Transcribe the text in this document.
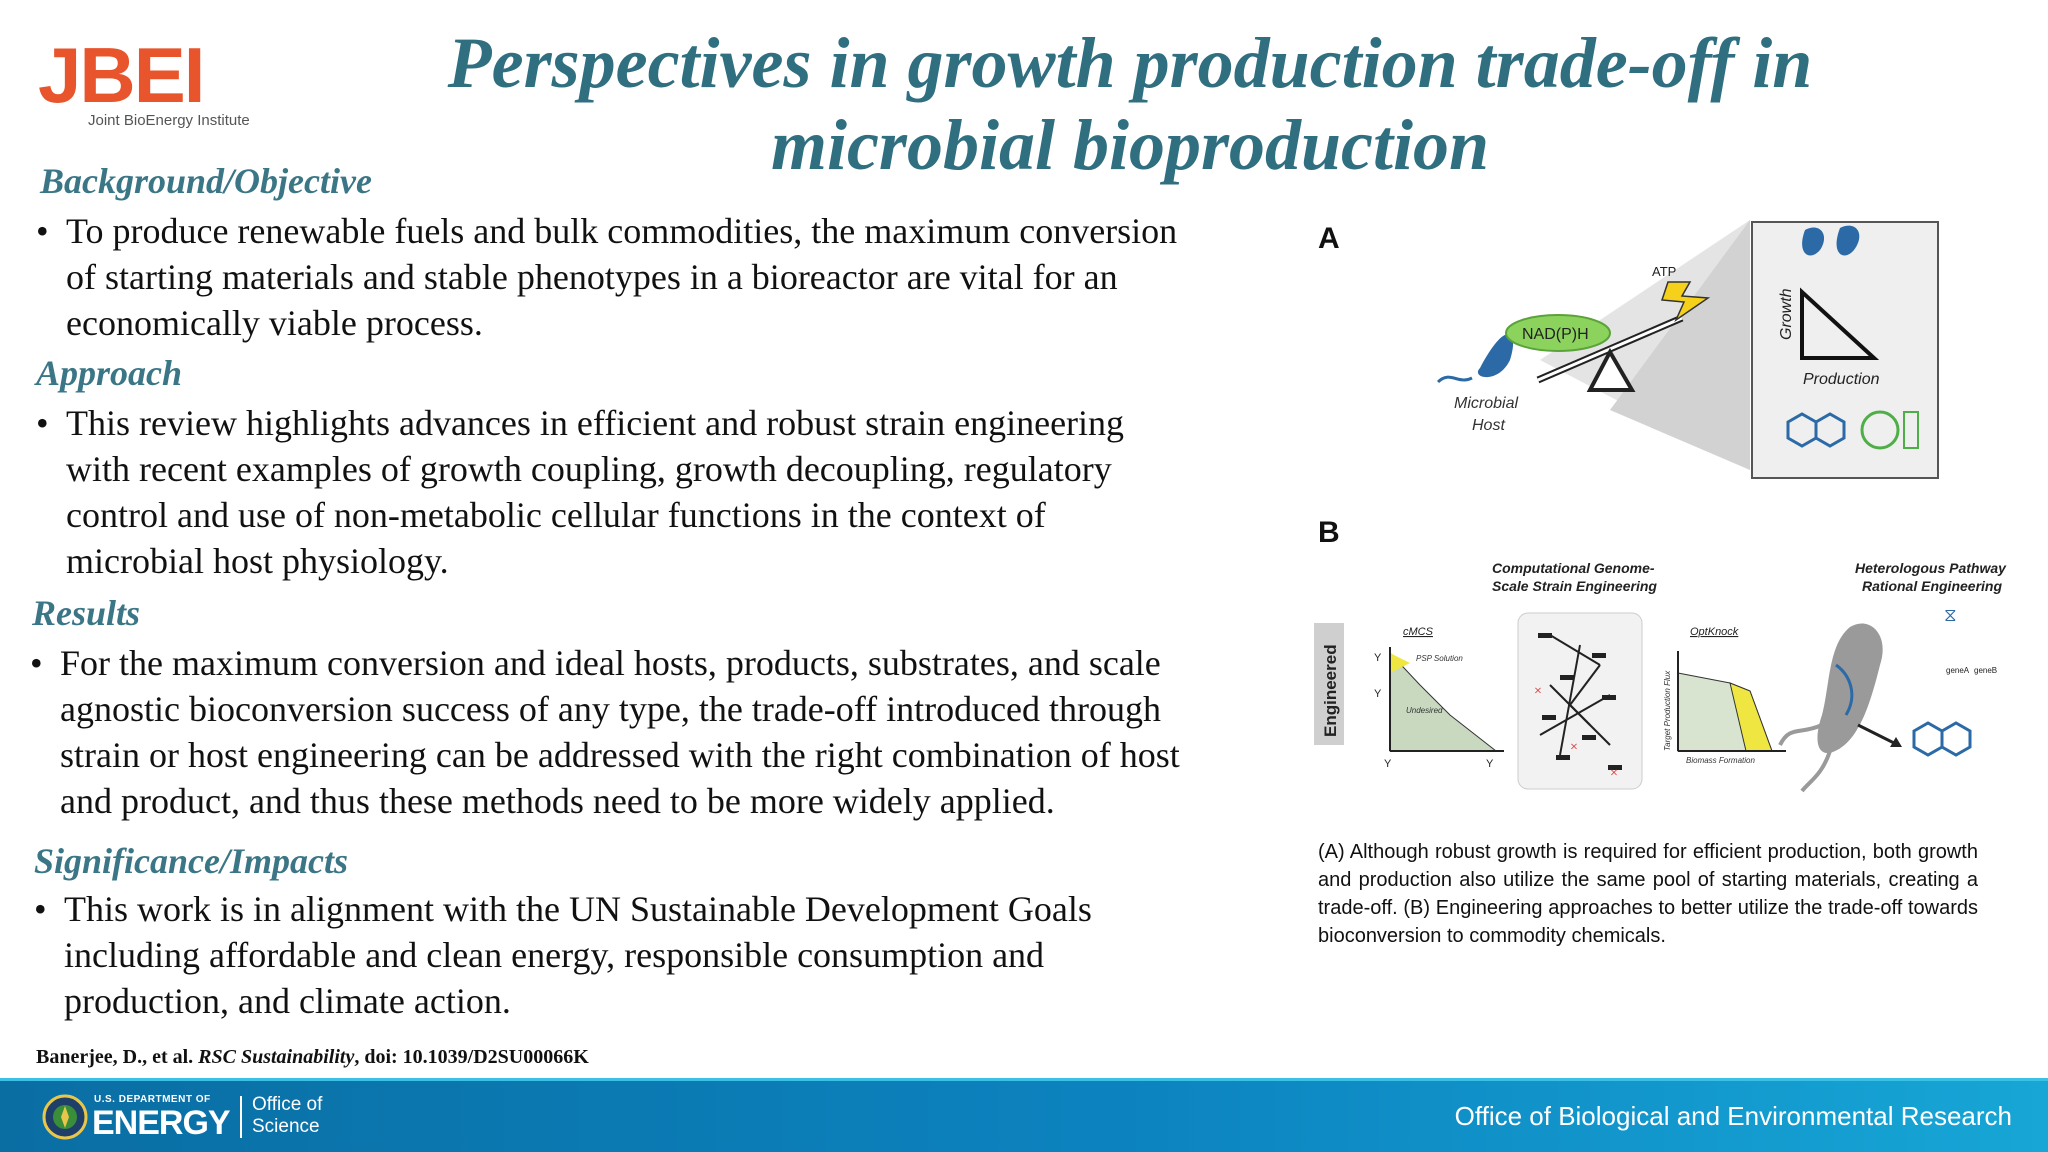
JBEI
Joint BioEnergy Institute
Perspectives in growth production trade-off in
microbial bioproduction
Background/Objective
• To produce renewable fuels and bulk commodities, the maximum conversion
of starting materials and stable phenotypes in a bioreactor are vital for an
economically viable process.
Approach
• This review highlights advances in efficient and robust strain engineering
with recent examples of growth coupling, growth decoupling, regulatory
control and use of non-metabolic cellular functions in the context of
microbial host physiology.
Results
• For the maximum conversion and ideal hosts, products, substrates, and scale
agnostic bioconversion success of any type, the trade-off introduced through
strain or host engineering can be addressed with the right combination of host
and product, and thus these methods need to be more widely applied.
Significance/Impacts
• This work is in alignment with the UN Sustainable Development Goals
including affordable and clean energy, responsible consumption and
production, and climate action.
Banerjee, D., et al. RSC Sustainability, doi: 10.1039/D2SU00066K
A
Microbial
Host
NAD(P)H
ATP
Growth
Production
B
Computational Genome-
Scale Strain Engineering
Heterologous Pathway
Rational Engineering
Engineered
cMCS
PSP Solution
Undesired
Y
Y
Y	Y
×
×
×
OptKnock
Target Production Flux
Biomass Formation
⧖
geneA geneB
(A) Although robust growth is required for efficient production, both growth and production also utilize the same pool of starting materials, creating a trade-off. (B) Engineering approaches to better utilize the trade-off towards bioconversion to commodity chemicals.
U.S. DEPARTMENT OF
ENERGY Office of
Science	Office of Biological and Environmental Research
